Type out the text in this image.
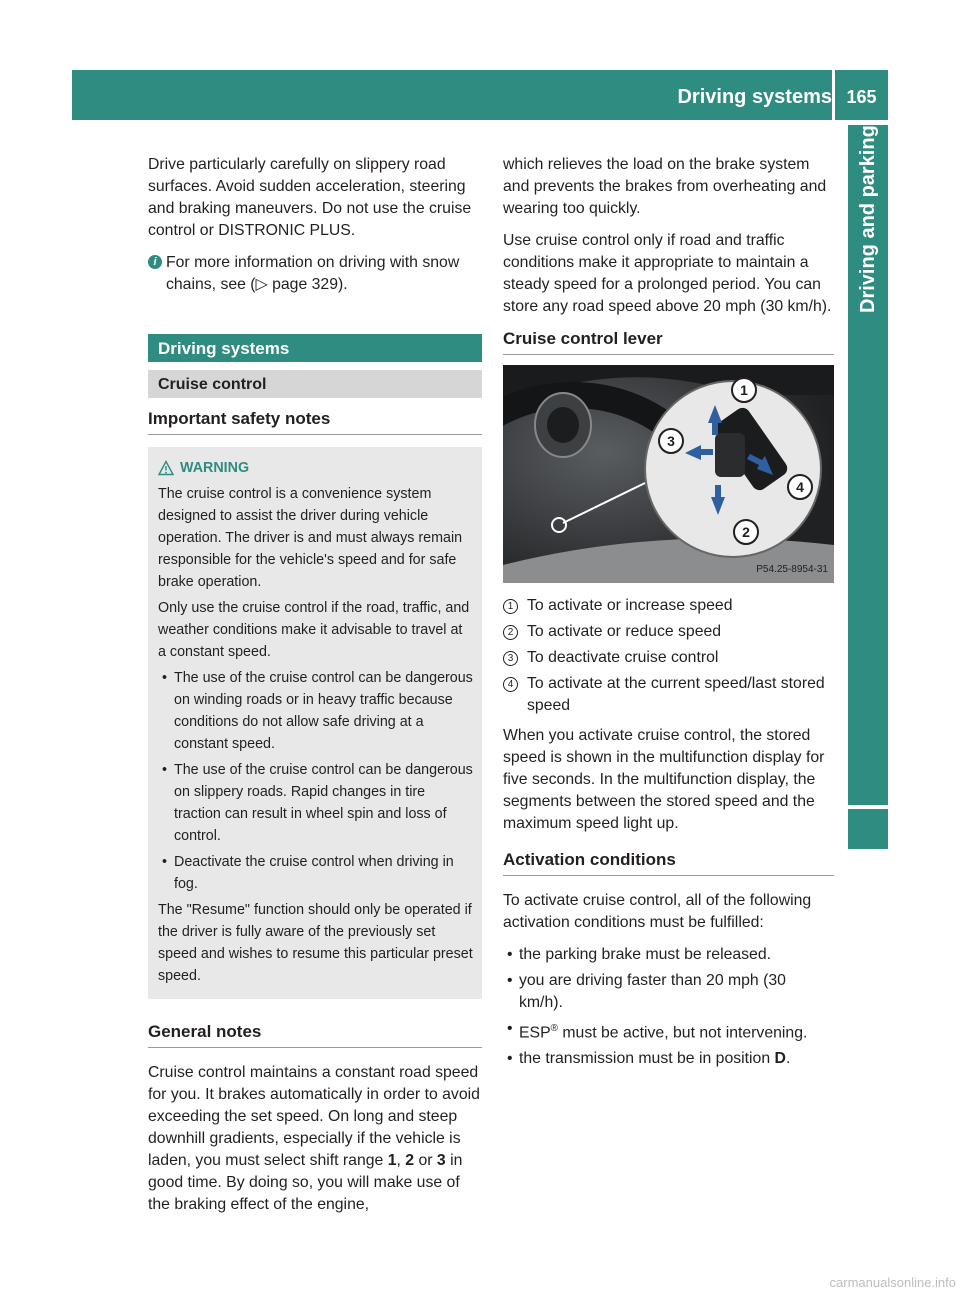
Driving systems 165
Driving and parking

Drive particularly carefully on slippery road surfaces. Avoid sudden acceleration, steering and braking maneuvers. Do not use the cruise control or DISTRONIC PLUS.

i For more information on driving with snow chains, see (▷ page 329).

Driving systems
Cruise control
Important safety notes

WARNING

The cruise control is a convenience system designed to assist the driver during vehicle operation. The driver is and must always remain responsible for the vehicle's speed and for safe brake operation.

Only use the cruise control if the road, traffic, and weather conditions make it advisable to travel at a constant speed.

• The use of the cruise control can be dangerous on winding roads or in heavy traffic because conditions do not allow safe driving at a constant speed.
• The use of the cruise control can be dangerous on slippery roads. Rapid changes in tire traction can result in wheel spin and loss of control.
• Deactivate the cruise control when driving in fog.

The "Resume" function should only be operated if the driver is fully aware of the previously set speed and wishes to resume this particular preset speed.

General notes

Cruise control maintains a constant road speed for you. It brakes automatically in order to avoid exceeding the set speed. On long and steep downhill gradients, especially if the vehicle is laden, you must select shift range 1, 2 or 3 in good time. By doing so, you will make use of the braking effect of the engine,

which relieves the load on the brake system and prevents the brakes from overheating and wearing too quickly.

Use cruise control only if road and traffic conditions make it appropriate to maintain a steady speed for a prolonged period. You can store any road speed above 20 mph (30 km/h).

Cruise control lever
1
2
3
4
P54.25-8954-31
1 To activate or increase speed
2 To activate or reduce speed
3 To deactivate cruise control
4 To activate at the current speed/last stored speed

When you activate cruise control, the stored speed is shown in the multifunction display for five seconds. In the multifunction display, the segments between the stored speed and the maximum speed light up.

Activation conditions

To activate cruise control, all of the following activation conditions must be fulfilled:

• the parking brake must be released.
• you are driving faster than 20 mph (30 km/h).
• ESP® must be active, but not intervening.
• the transmission must be in position D.
carmanualsonline.info
